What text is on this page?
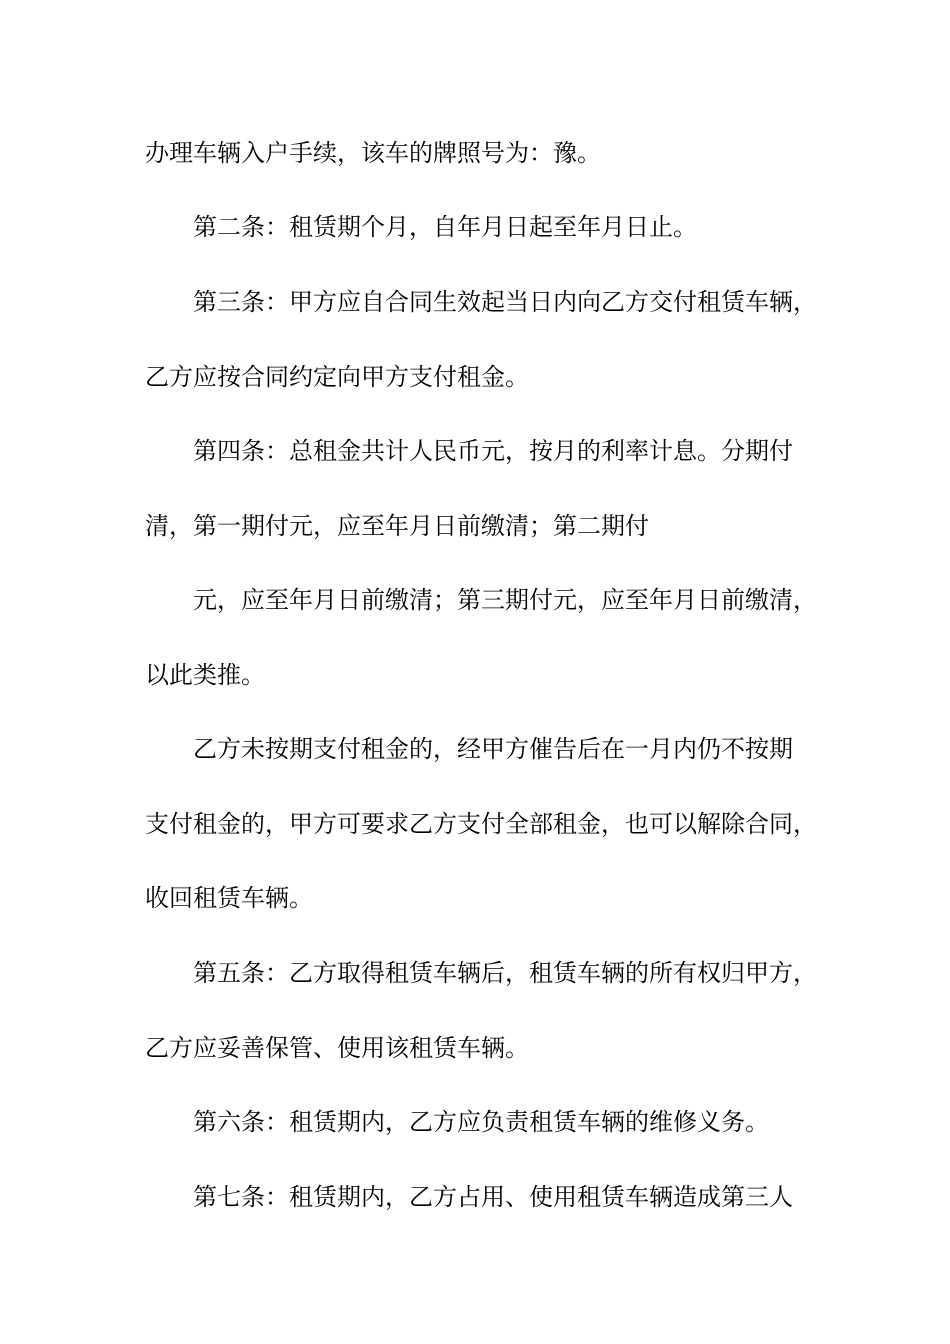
办理车辆入户手续，该车的牌照号为：豫。
第二条：租赁期个月，自年月日起至年月日止。
第三条：甲方应自合同生效起当日内向乙方交付租赁车辆，
乙方应按合同约定向甲方支付租金。
第四条：总租金共计人民币元，按月的利率计息。分期付
清，第一期付元，应至年月日前缴清；第二期付
元，应至年月日前缴清；第三期付元，应至年月日前缴清，
以此类推。
乙方未按期支付租金的，经甲方催告后在一月内仍不按期
支付租金的，甲方可要求乙方支付全部租金，也可以解除合同，
收回租赁车辆。
第五条：乙方取得租赁车辆后，租赁车辆的所有权归甲方，
乙方应妥善保管、使用该租赁车辆。
第六条：租赁期内，乙方应负责租赁车辆的维修义务。
第七条：租赁期内，乙方占用、使用租赁车辆造成第三人
